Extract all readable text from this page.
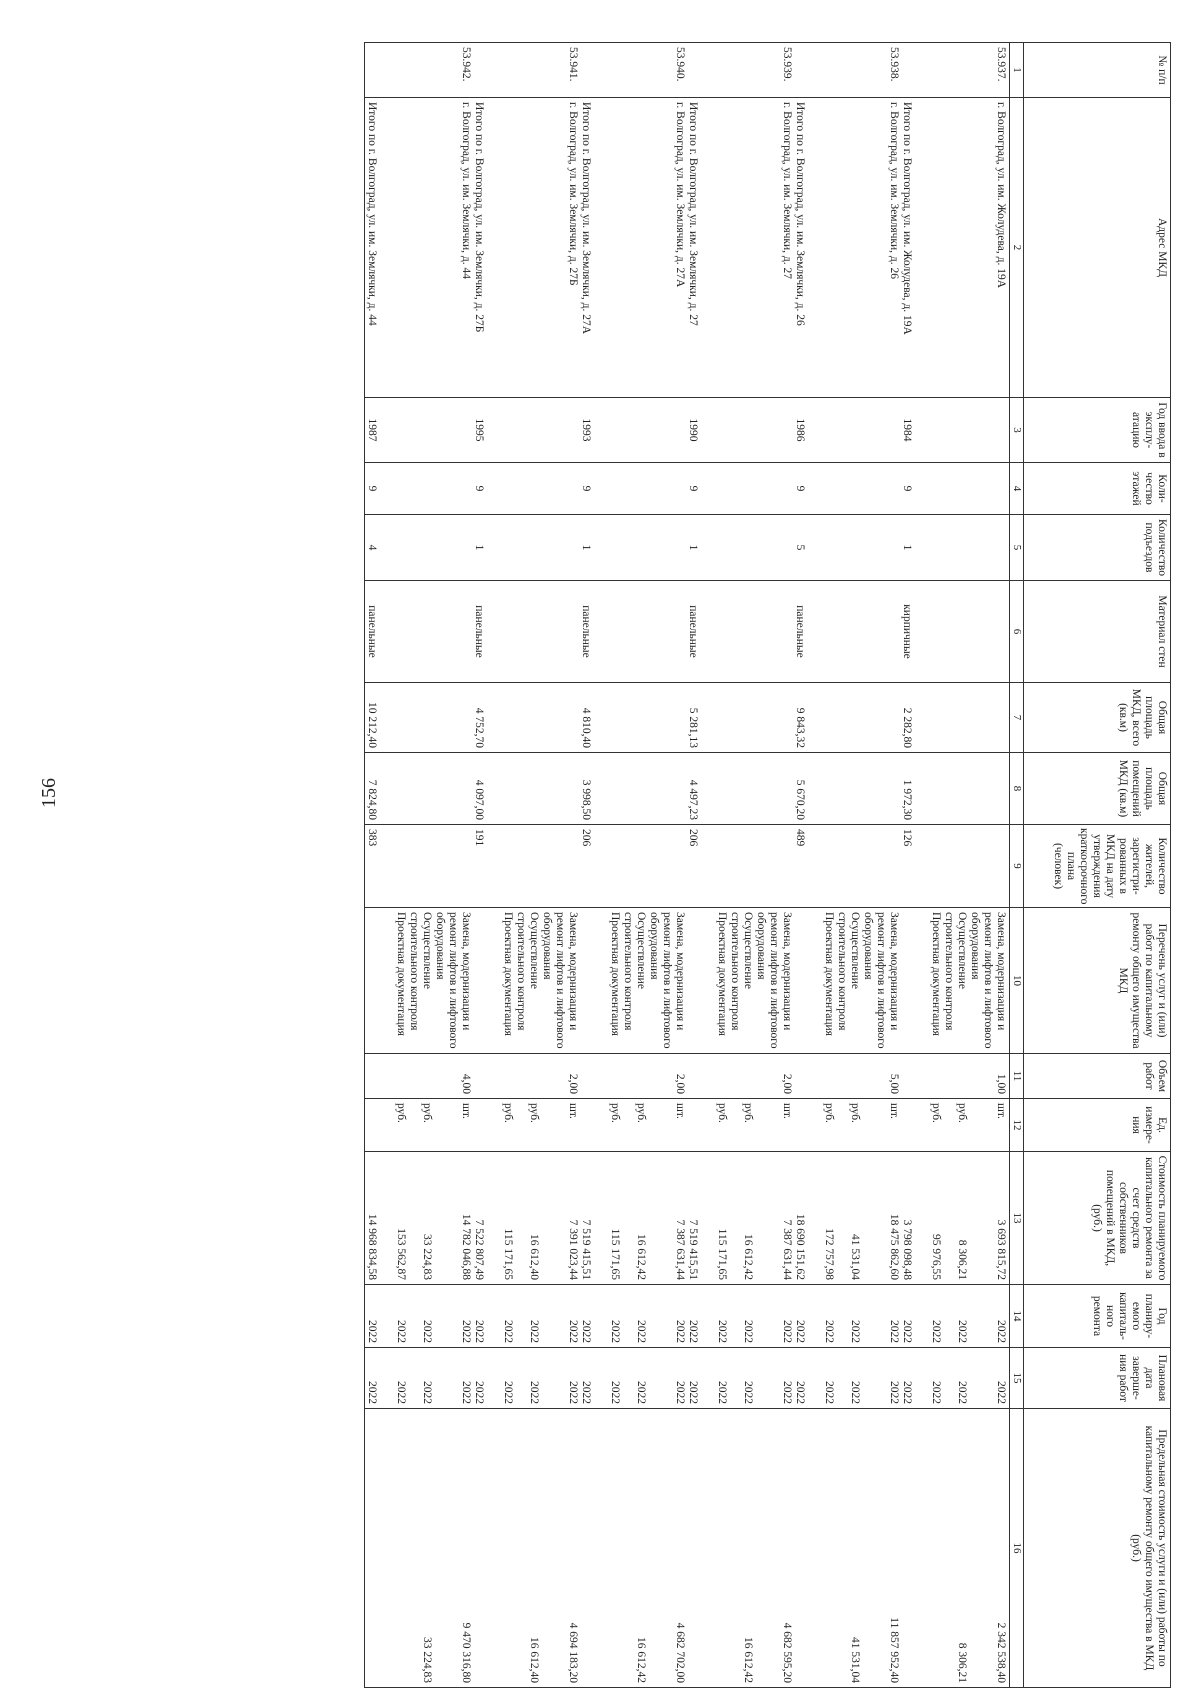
156
№ п/п	Адрес МКД	Год ввода в эксплу-атацию	Коли-чество этажей	Количество подъездов	Материал стен	Общая площадь МКД, всего (кв.м)	Общая площадь помещений МКД (кв.м)	Количество жителей, зарегистри-рованных в МКД на дату утверждения краткосрочного плана (человек)	Перечень услуг и (или) работ по капитальному ремонту общего имущества МКД	Объем работ	Ед. измере-ния	Стоимость планируемого капитального ремонта за счет средств собственников помещений в МКД, (руб.)	Год планиру-емого капиталь-ного ремонта	Плановая дата заверше-ния работ	Предельная стоимость услуги и (или) работы по капитальному ремонту общего имущества в МКД (руб.)
1	2	3	4	5	6	7	8	9	10	11	12	13	14	15	16
53.937.	г. Волгоград, ул. им. Жолудева, д. 19А								Замена, модернизация и ремонт лифтов и лифтового оборудования	1,00	шт.	3 693 815,72	2022	2022	2 342 538,40
									Осуществление строительного контроля		руб.	8 306,21	2022	2022	8 306,21
									Проектная документация		руб.	95 976,55	2022	2022	

	Итого по г. Волгоград, ул. им. Жолудева, д. 19А	1984	9	1	кирпичные	2 282,80	1 972,30	126				3 798 098,48	2022	2022	
53.938.	г. Волгоград, ул. им. Землячки, д. 26								Замена, модернизация и ремонт лифтов и лифтового оборудования	5,00	шт.	18 475 862,60	2022	2022	11 857 952,40
									Осуществление строительного контроля		руб.	41 531,04	2022	2022	41 531,04
									Проектная документация		руб.	172 757,98	2022	2022	

	Итого по г. Волгоград, ул. им. Землячки, д. 26	1986	9	5	панельные	9 843,32	5 670,20	489				18 690 151,62	2022	2022	
53.939.	г. Волгоград, ул. им. Землячки, д. 27								Замена, модернизация и ремонт лифтов и лифтового оборудования	2,00	шт.	7 387 631,44	2022	2022	4 682 595,20
									Осуществление строительного контроля		руб.	16 612,42	2022	2022	16 612,42
									Проектная документация		руб.	115 171,65	2022	2022	

	Итого по г. Волгоград, ул. им. Землячки, д. 27	1990	9	1	панельные	5 281,13	4 497,23	206				7 519 415,51	2022	2022	
53.940.	г. Волгоград, ул. им. Землячки, д. 27А								Замена, модернизация и ремонт лифтов и лифтового оборудования	2,00	шт.	7 387 631,44	2022	2022	4 682 702,00
									Осуществление строительного контроля		руб.	16 612,42	2022	2022	16 612,42
									Проектная документация		руб.	115 171,65	2022	2022	

	Итого по г. Волгоград, ул. им. Землячки, д. 27А	1993	9	1	панельные	4 810,40	3 998,50	206				7 519 415,51	2022	2022	
53.941.	г. Волгоград, ул. им. Землячки, д. 27Б								Замена, модернизация и ремонт лифтов и лифтового оборудования	2,00	шт.	7 391 023,44	2022	2022	4 694 183,20
									Осуществление строительного контроля		руб.	16 612,40	2022	2022	16 612,40
									Проектная документация		руб.	115 171,65	2022	2022	

	Итого по г. Волгоград, ул. им. Землячки, д. 27Б	1995	9	1	панельные	4 752,70	4 097,00	191				7 522 807,49	2022	2022	
53.942.	г. Волгоград, ул. им. Землячки, д. 44								Замена, модернизация и ремонт лифтов и лифтового оборудования	4,00	шт.	14 782 046,88	2022	2022	9 470 316,80
									Осуществление строительного контроля		руб.	33 224,83	2022	2022	33 224,83
									Проектная документация		руб.	153 562,87	2022	2022	

	Итого по г. Волгоград, ул. им. Землячки, д. 44	1987	9	4	панельные	10 212,40	7 824,80	383				14 968 834,58	2022	2022	
